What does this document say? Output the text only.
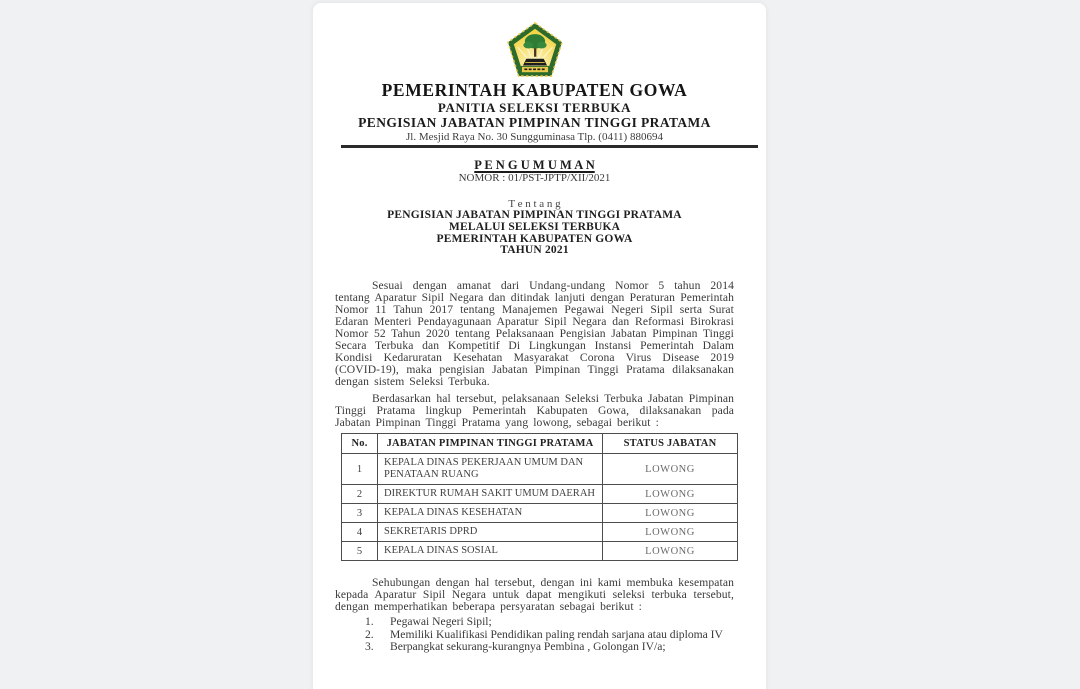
PEMERINTAH KABUPATEN GOWA
PANITIA SELEKSI TERBUKA
PENGISIAN JABATAN PIMPINAN TINGGI PRATAMA
Jl. Mesjid Raya No. 30 Sungguminasa Tlp. (0411) 880694
P E N G U M U M A N
NOMOR : 01/PST-JPTP/XII/2021
T e n t a n g
PENGISIAN JABATAN PIMPINAN TINGGI PRATAMA
MELALUI SELEKSI TERBUKA
PEMERINTAH KABUPATEN GOWA
TAHUN 2021

Sesuai dengan amanat dari Undang-undang Nomor 5 tahun 2014 tentang Aparatur Sipil Negara dan ditindak lanjuti dengan Peraturan Pemerintah Nomor 11 Tahun 2017 tentang Manajemen Pegawai Negeri Sipil serta Surat Edaran Menteri Pendayagunaan Aparatur Sipil Negara dan Reformasi Birokrasi Nomor 52 Tahun 2020 tentang Pelaksanaan Pengisian Jabatan Pimpinan Tinggi Secara Terbuka dan Kompetitif Di Lingkungan Instansi Pemerintah Dalam Kondisi Kedaruratan Kesehatan Masyarakat Corona Virus Disease 2019 (COVID-19), maka pengisian Jabatan Pimpinan Tinggi Pratama dilaksanakan dengan sistem Seleksi Terbuka.

Berdasarkan hal tersebut, pelaksanaan Seleksi Terbuka Jabatan Pimpinan Tinggi Pratama lingkup Pemerintah Kabupaten Gowa, dilaksanakan pada Jabatan Pimpinan Tinggi Pratama yang lowong, sebagai berikut :

No.	JABATAN PIMPINAN TINGGI PRATAMA	STATUS JABATAN
1	KEPALA DINAS PEKERJAAN UMUM DAN PENATAAN RUANG	LOWONG
2	DIREKTUR RUMAH SAKIT UMUM DAERAH	LOWONG
3	KEPALA DINAS KESEHATAN	LOWONG
4	SEKRETARIS DPRD	LOWONG
5	KEPALA DINAS SOSIAL	LOWONG

Sehubungan dengan hal tersebut, dengan ini kami membuka kesempatan kepada Aparatur Sipil Negara untuk dapat mengikuti seleksi terbuka tersebut, dengan memperhatikan beberapa persyaratan sebagai berikut :

1.	Pegawai Negeri Sipil;
2.	Memiliki Kualifikasi Pendidikan paling rendah sarjana atau diploma IV
3.	Berpangkat sekurang-kurangnya Pembina , Golongan IV/a;
